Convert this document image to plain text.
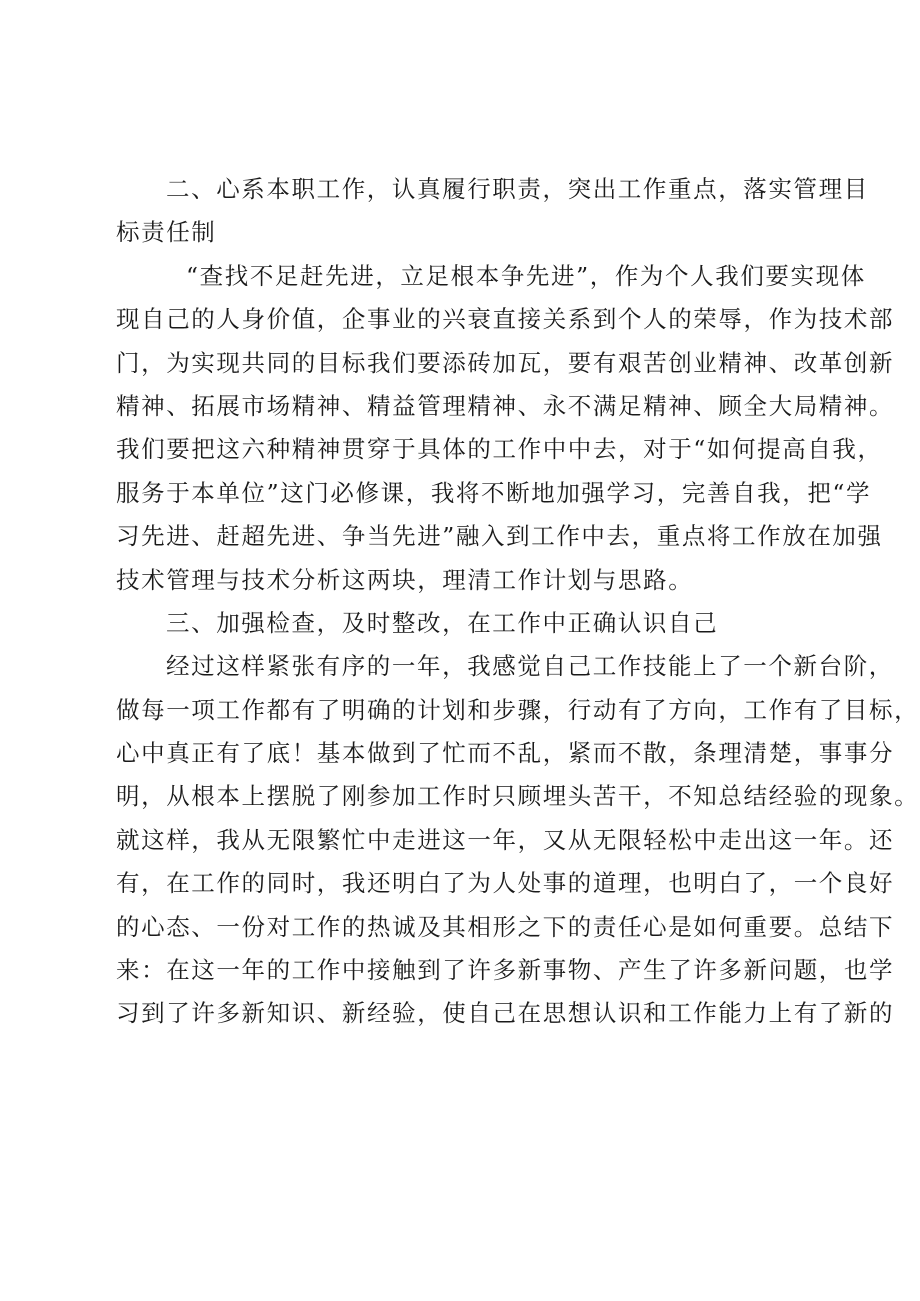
二、心系本职工作，认真履行职责，突出工作重点，落实管理目
标责任制
“查找不足赶先进，立足根本争先进”，作为个人我们要实现体
现自己的人身价值，企事业的兴衰直接关系到个人的荣辱，作为技术部
门，为实现共同的目标我们要添砖加瓦，要有艰苦创业精神、改革创新
精神、拓展市场精神、精益管理精神、永不满足精神、顾全大局精神。
我们要把这六种精神贯穿于具体的工作中中去，对于“如何提高自我，
服务于本单位”这门必修课，我将不断地加强学习，完善自我，把“学
习先进、赶超先进、争当先进”融入到工作中去，重点将工作放在加强
技术管理与技术分析这两块，理清工作计划与思路。
三、加强检查，及时整改，在工作中正确认识自己
经过这样紧张有序的一年，我感觉自己工作技能上了一个新台阶，
做每一项工作都有了明确的计划和步骤，行动有了方向，工作有了目标，
心中真正有了底！基本做到了忙而不乱，紧而不散，条理清楚，事事分
明，从根本上摆脱了刚参加工作时只顾埋头苦干，不知总结经验的现象。
就这样，我从无限繁忙中走进这一年，又从无限轻松中走出这一年。还
有，在工作的同时，我还明白了为人处事的道理，也明白了，一个良好
的心态、一份对工作的热诚及其相形之下的责任心是如何重要。总结下
来：在这一年的工作中接触到了许多新事物、产生了许多新问题，也学
习到了许多新知识、新经验，使自己在思想认识和工作能力上有了新的
